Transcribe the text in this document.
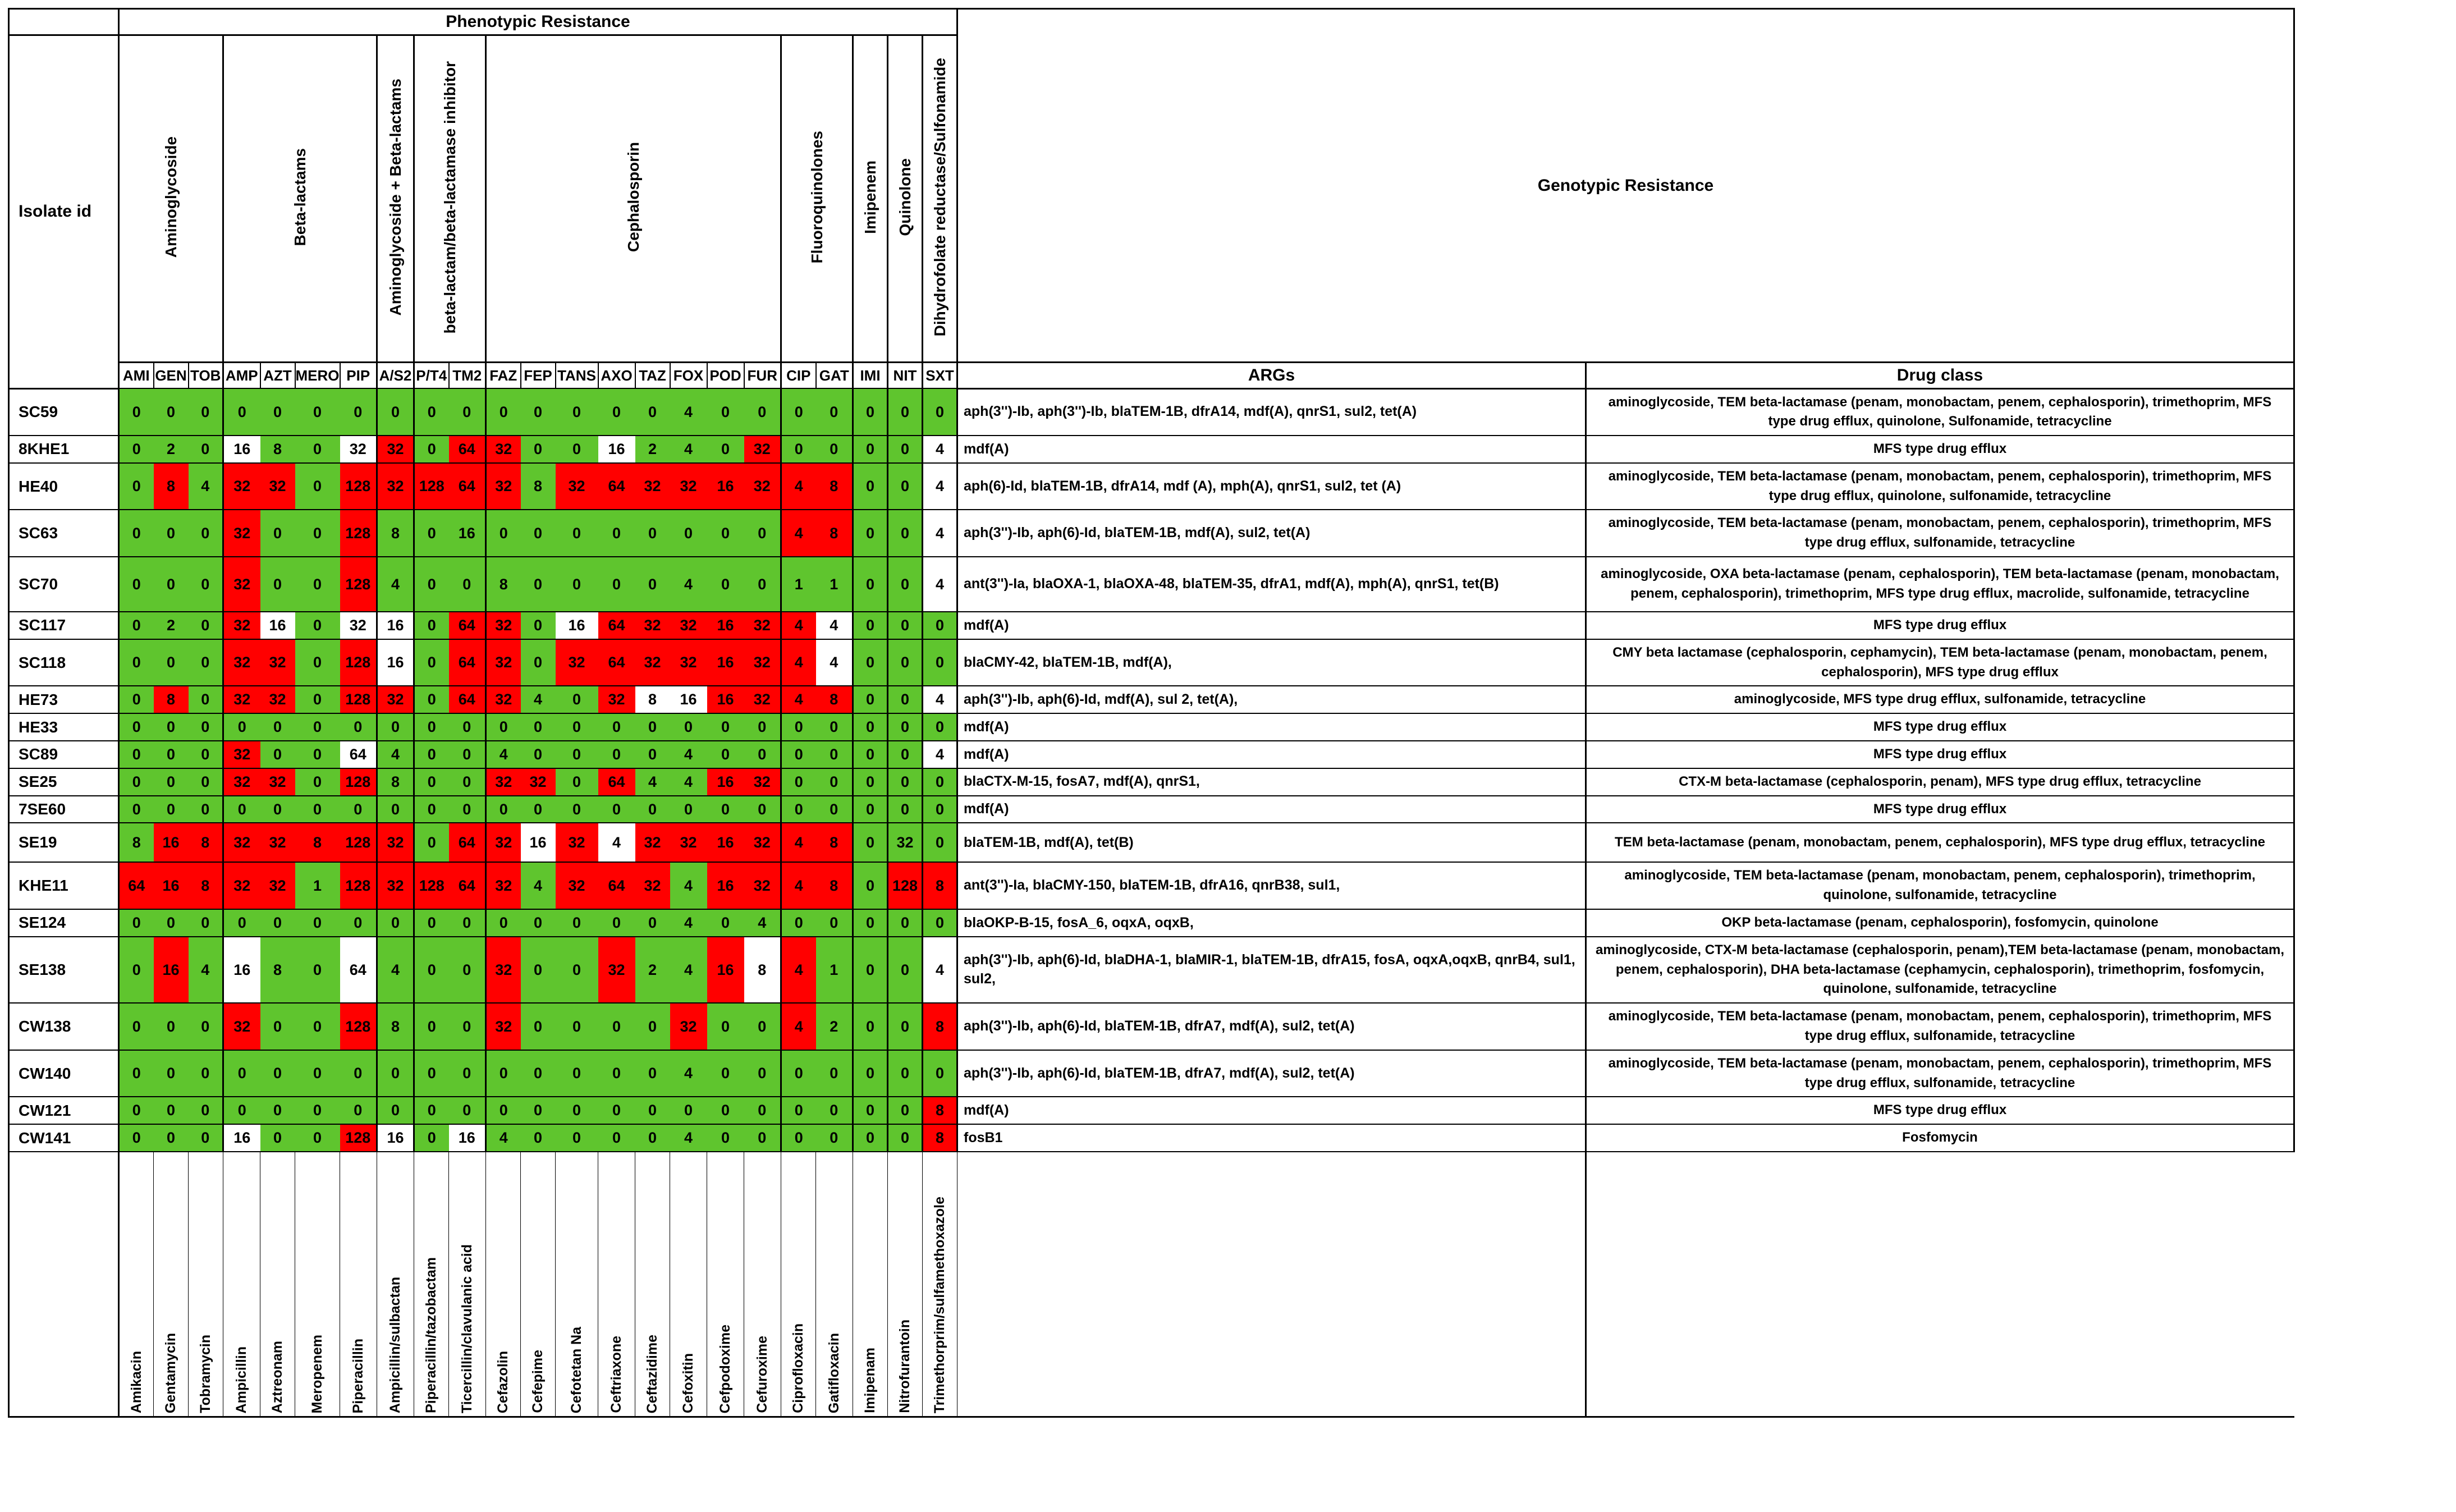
	Phenotypic Resistance																							Genotypic Resistance	
Isolate id	Aminoglycoside			Beta-lactams				Aminoglycoside + Beta-lactams	beta-lactam/beta-lactamase inhibitor		Cephalosporin								Fluoroquinolones		Imipenem	Quinolone	Dihydrofolate reductase/Sulfonamide		
	AMI	GEN	TOB	AMP	AZT	MERO	PIP	A/S2	P/T4	TM2	FAZ	FEP	TANS	AXO	TAZ	FOX	POD	FUR	CIP	GAT	IMI	NIT	SXT	ARGs	Drug class
SC59	0	0	0	0	0	0	0	0	0	0	0	0	0	0	0	4	0	0	0	0	0	0	0	aph(3'')-Ib, aph(3'')-Ib, blaTEM-1B, dfrA14, mdf(A), qnrS1, sul2, tet(A)	aminoglycoside, TEM beta-lactamase (penam, monobactam, penem, cephalosporin), trimethoprim, MFS type drug efflux, quinolone, Sulfonamide, tetracycline
8KHE1	0	2	0	16	8	0	32	32	0	64	32	0	0	16	2	4	0	32	0	0	0	0	4	mdf(A)	MFS type drug efflux
HE40	0	8	4	32	32	0	128	32	128	64	32	8	32	64	32	32	16	32	4	8	0	0	4	aph(6)-Id, blaTEM-1B, dfrA14, mdf (A), mph(A), qnrS1, sul2, tet (A)	aminoglycoside, TEM beta-lactamase (penam, monobactam, penem, cephalosporin), trimethoprim, MFS type drug efflux, quinolone, sulfonamide, tetracycline
SC63	0	0	0	32	0	0	128	8	0	16	0	0	0	0	0	0	0	0	4	8	0	0	4	aph(3'')-Ib, aph(6)-Id, blaTEM-1B, mdf(A), sul2, tet(A)	aminoglycoside, TEM beta-lactamase (penam, monobactam, penem, cephalosporin), trimethoprim, MFS type drug efflux, sulfonamide, tetracycline
SC70	0	0	0	32	0	0	128	4	0	0	8	0	0	0	0	4	0	0	1	1	0	0	4	ant(3'')-Ia, blaOXA-1, blaOXA-48, blaTEM-35, dfrA1, mdf(A), mph(A), qnrS1, tet(B)	aminoglycoside, OXA beta-lactamase (penam, cephalosporin), TEM beta-lactamase (penam, monobactam, penem, cephalosporin), trimethoprim, MFS type drug efflux, macrolide, sulfonamide, tetracycline
SC117	0	2	0	32	16	0	32	16	0	64	32	0	16	64	32	32	16	32	4	4	0	0	0	mdf(A)	MFS type drug efflux
SC118	0	0	0	32	32	0	128	16	0	64	32	0	32	64	32	32	16	32	4	4	0	0	0	blaCMY-42, blaTEM-1B, mdf(A),	CMY beta lactamase (cephalosporin, cephamycin), TEM beta-lactamase (penam, monobactam, penem, cephalosporin), MFS type drug efflux
HE73	0	8	0	32	32	0	128	32	0	64	32	4	0	32	8	16	16	32	4	8	0	0	4	aph(3'')-Ib, aph(6)-Id, mdf(A), sul 2, tet(A),	aminoglycoside, MFS type drug efflux, sulfonamide, tetracycline
HE33	0	0	0	0	0	0	0	0	0	0	0	0	0	0	0	0	0	0	0	0	0	0	0	mdf(A)	MFS type drug efflux
SC89	0	0	0	32	0	0	64	4	0	0	4	0	0	0	0	4	0	0	0	0	0	0	4	mdf(A)	MFS type drug efflux
SE25	0	0	0	32	32	0	128	8	0	0	32	32	0	64	4	4	16	32	0	0	0	0	0	blaCTX-M-15, fosA7, mdf(A), qnrS1,	CTX-M beta-lactamase (cephalosporin, penam), MFS type drug efflux, tetracycline
7SE60	0	0	0	0	0	0	0	0	0	0	0	0	0	0	0	0	0	0	0	0	0	0	0	mdf(A)	MFS type drug efflux
SE19	8	16	8	32	32	8	128	32	0	64	32	16	32	4	32	32	16	32	4	8	0	32	0	blaTEM-1B, mdf(A), tet(B)	TEM beta-lactamase (penam, monobactam, penem, cephalosporin), MFS type drug efflux, tetracycline
KHE11	64	16	8	32	32	1	128	32	128	64	32	4	32	64	32	4	16	32	4	8	0	128	8	ant(3'')-Ia, blaCMY-150, blaTEM-1B, dfrA16, qnrB38, sul1,	aminoglycoside, TEM beta-lactamase (penam, monobactam, penem, cephalosporin), trimethoprim, quinolone, sulfonamide, tetracycline
SE124	0	0	0	0	0	0	0	0	0	0	0	0	0	0	0	4	0	4	0	0	0	0	0	blaOKP-B-15, fosA_6, oqxA, oqxB,	OKP beta-lactamase (penam, cephalosporin), fosfomycin, quinolone
SE138	0	16	4	16	8	0	64	4	0	0	32	0	0	32	2	4	16	8	4	1	0	0	4	aph(3'')-Ib, aph(6)-Id, blaDHA-1, blaMIR-1, blaTEM-1B, dfrA15, fosA, oqxA,oqxB, qnrB4, sul1, sul2,	aminoglycoside, CTX-M beta-lactamase (cephalosporin, penam),TEM beta-lactamase (penam, monobactam, penem, cephalosporin), DHA beta-lactamase (cephamycin, cephalosporin), trimethoprim, fosfomycin, quinolone, sulfonamide, tetracycline
CW138	0	0	0	32	0	0	128	8	0	0	32	0	0	0	0	32	0	0	4	2	0	0	8	aph(3'')-Ib, aph(6)-Id, blaTEM-1B, dfrA7, mdf(A), sul2, tet(A)	aminoglycoside, TEM beta-lactamase (penam, monobactam, penem, cephalosporin), trimethoprim, MFS type drug efflux, sulfonamide, tetracycline
CW140	0	0	0	0	0	0	0	0	0	0	0	0	0	0	0	4	0	0	0	0	0	0	0	aph(3'')-Ib, aph(6)-Id, blaTEM-1B, dfrA7, mdf(A), sul2, tet(A)	aminoglycoside, TEM beta-lactamase (penam, monobactam, penem, cephalosporin), trimethoprim, MFS type drug efflux, sulfonamide, tetracycline
CW121	0	0	0	0	0	0	0	0	0	0	0	0	0	0	0	0	0	0	0	0	0	0	8	mdf(A)	MFS type drug efflux
CW141	0	0	0	16	0	0	128	16	0	16	4	0	0	0	0	4	0	0	0	0	0	0	8	fosB1	Fosfomycin
	Amikacin	Gentamycin	Tobramycin	Ampicillin	Aztreonam	Meropenem	Piperacillin	Ampicillin/sulbactan	Piperacillin/tazobactam	Ticercillin/clavulanic acid	Cefazolin	Cefepime	Cefotetan Na	Ceftriaxone	Ceftazidime	Cefoxitin	Cefpodoxime	Cefuroxime	Ciprofloxacin	Gatifloxacin	Imipenam	Nitrofurantoin	Trimethorprim/sulfamethoxazole		
